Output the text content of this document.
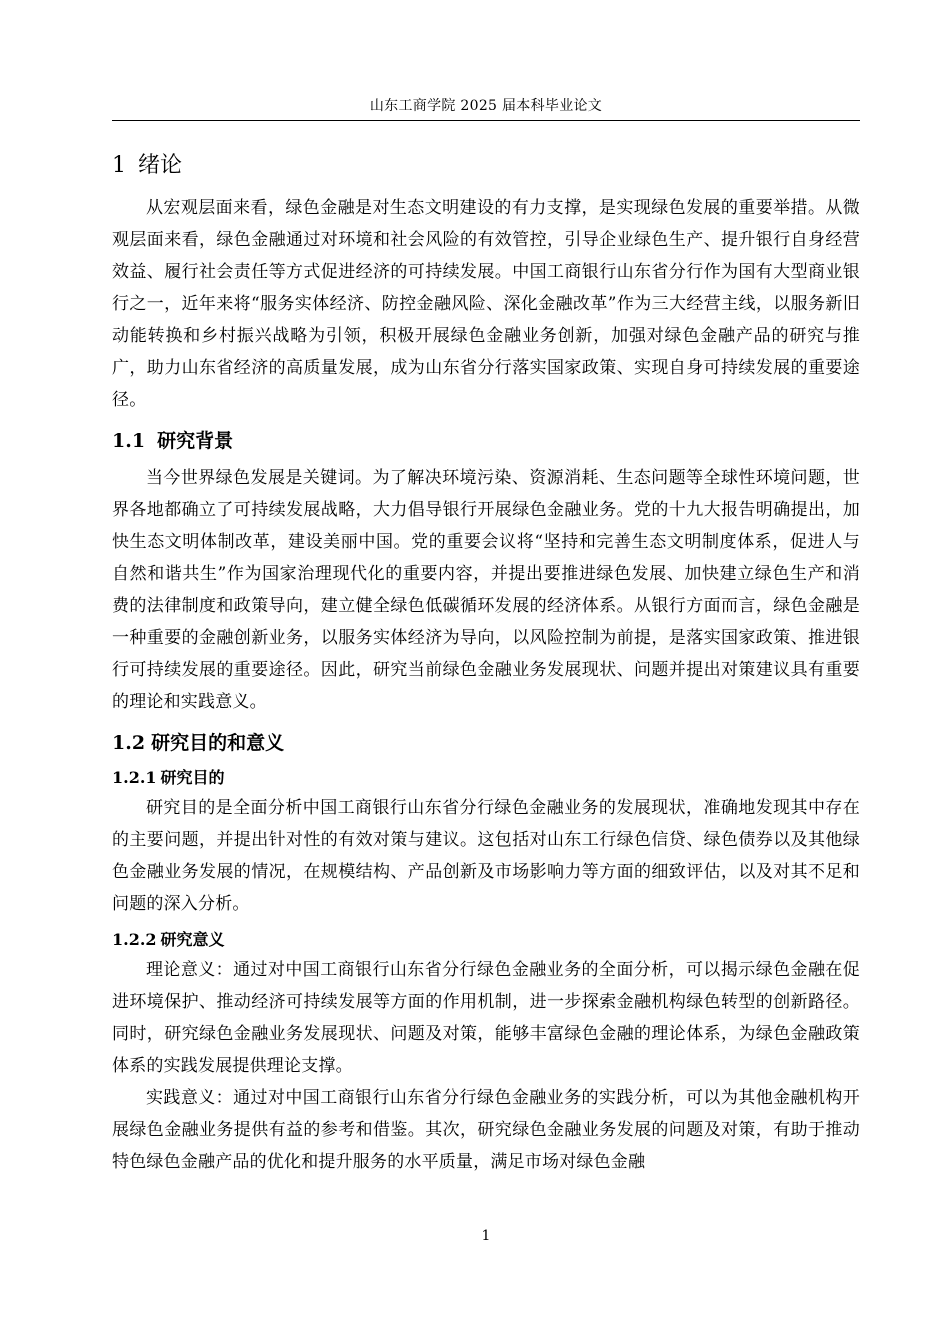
山东工商学院 2025 届本科毕业论文
1 绪论

从宏观层面来看，绿色金融是对生态文明建设的有力支撑，是实现绿色发展的重要举措。从微观层面来看，绿色金融通过对环境和社会风险的有效管控，引导企业绿色生产、提升银行自身经营效益、履行社会责任等方式促进经济的可持续发展。中国工商银行山东省分行作为国有大型商业银行之一，近年来将“服务实体经济、防控金融风险、深化金融改革”作为三大经营主线，以服务新旧动能转换和乡村振兴战略为引领，积极开展绿色金融业务创新，加强对绿色金融产品的研究与推广，助力山东省经济的高质量发展，成为山东省分行落实国家政策、实现自身可持续发展的重要途径。

1.1 研究背景

当今世界绿色发展是关键词。为了解决环境污染、资源消耗、生态问题等全球性环境问题，世界各地都确立了可持续发展战略，大力倡导银行开展绿色金融业务。党的十九大报告明确提出，加快生态文明体制改革，建设美丽中国。党的重要会议将“坚持和完善生态文明制度体系，促进人与自然和谐共生”作为国家治理现代化的重要内容，并提出要推进绿色发展、加快建立绿色生产和消费的法律制度和政策导向，建立健全绿色低碳循环发展的经济体系。从银行方面而言，绿色金融是一种重要的金融创新业务，以服务实体经济为导向，以风险控制为前提，是落实国家政策、推进银行可持续发展的重要途径。因此，研究当前绿色金融业务发展现状、问题并提出对策建议具有重要的理论和实践意义。

1.2 研究目的和意义
1.2.1 研究目的

研究目的是全面分析中国工商银行山东省分行绿色金融业务的发展现状，准确地发现其中存在的主要问题，并提出针对性的有效对策与建议。这包括对山东工行绿色信贷、绿色债券以及其他绿色金融业务发展的情况，在规模结构、产品创新及市场影响力等方面的细致评估，以及对其不足和问题的深入分析。

1.2.2 研究意义

理论意义：通过对中国工商银行山东省分行绿色金融业务的全面分析，可以揭示绿色金融在促进环境保护、推动经济可持续发展等方面的作用机制，进一步探索金融机构绿色转型的创新路径。同时，研究绿色金融业务发展现状、问题及对策，能够丰富绿色金融的理论体系，为绿色金融政策体系的实践发展提供理论支撑。

实践意义：通过对中国工商银行山东省分行绿色金融业务的实践分析，可以为其他金融机构开展绿色金融业务提供有益的参考和借鉴。其次，研究绿色金融业务发展的问题及对策，有助于推动特色绿色金融产品的优化和提升服务的水平质量，满足市场对绿色金融

1
